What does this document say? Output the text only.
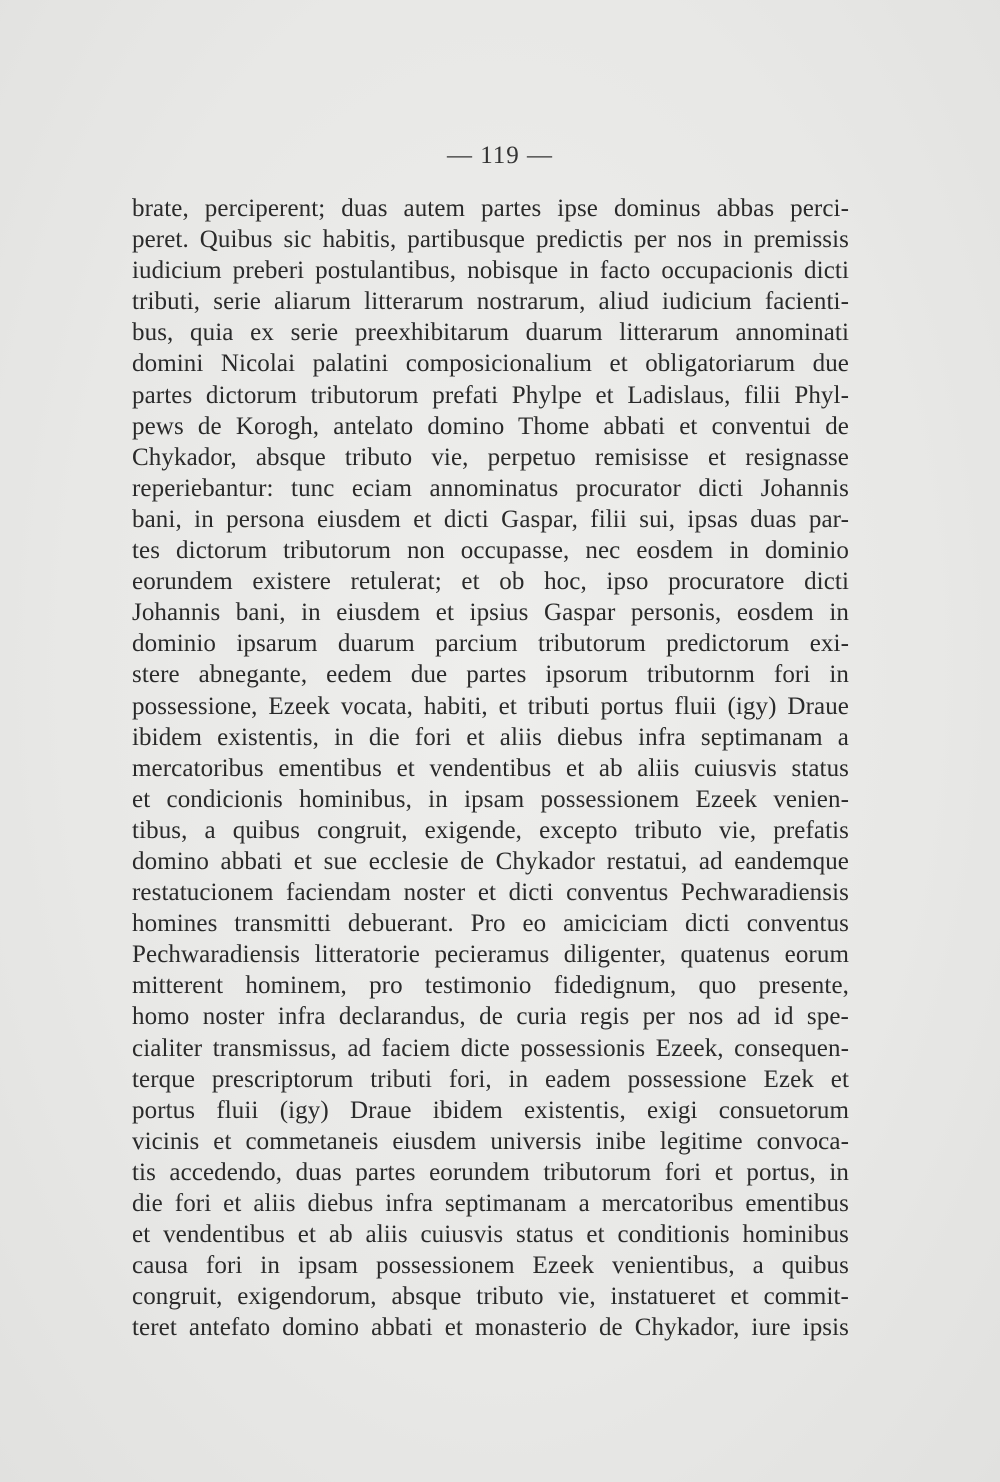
— 119 —
brate, perciperent; duas autem partes ipse dominus abbas perci-
peret. Quibus sic habitis, partibusque predictis per nos in premissis
iudicium preberi postulantibus, nobisque in facto occupacionis dicti
tributi, serie aliarum litterarum nostrarum, aliud iudicium facienti-
bus, quia ex serie preexhibitarum duarum litterarum annominati
domini Nicolai palatini composicionalium et obligatoriarum due
partes dictorum tributorum prefati Phylpe et Ladislaus, filii Phyl-
pews de Korogh, antelato domino Thome abbati et conventui de
Chykador, absque tributo vie, perpetuo remisisse et resignasse
reperiebantur: tunc eciam annominatus procurator dicti Johannis
bani, in persona eiusdem et dicti Gaspar, filii sui, ipsas duas par-
tes dictorum tributorum non occupasse, nec eosdem in dominio
eorundem existere retulerat; et ob hoc, ipso procuratore dicti
Johannis bani, in eiusdem et ipsius Gaspar personis, eosdem in
dominio ipsarum duarum parcium tributorum predictorum exi-
stere abnegante, eedem due partes ipsorum tributornm fori in
possessione, Ezeek vocata, habiti, et tributi portus fluii (igy) Draue
ibidem existentis, in die fori et aliis diebus infra septimanam a
mercatoribus ementibus et vendentibus et ab aliis cuiusvis status
et condicionis hominibus, in ipsam possessionem Ezeek venien-
tibus, a quibus congruit, exigende, excepto tributo vie, prefatis
domino abbati et sue ecclesie de Chykador restatui, ad eandemque
restatucionem faciendam noster et dicti conventus Pechwaradiensis
homines transmitti debuerant. Pro eo amiciciam dicti conventus
Pechwaradiensis litteratorie pecieramus diligenter, quatenus eorum
mitterent hominem, pro testimonio fidedignum, quo presente,
homo noster infra declarandus, de curia regis per nos ad id spe-
cialiter transmissus, ad faciem dicte possessionis Ezeek, consequen-
terque prescriptorum tributi fori, in eadem possessione Ezek et
portus fluii (igy) Draue ibidem existentis, exigi consuetorum
vicinis et commetaneis eiusdem universis inibe legitime convoca-
tis accedendo, duas partes eorundem tributorum fori et portus, in
die fori et aliis diebus infra septimanam a mercatoribus ementibus
et vendentibus et ab aliis cuiusvis status et conditionis hominibus
causa fori in ipsam possessionem Ezeek venientibus, a quibus
congruit, exigendorum, absque tributo vie, instatueret et commit-
teret antefato domino abbati et monasterio de Chykador, iure ipsis
